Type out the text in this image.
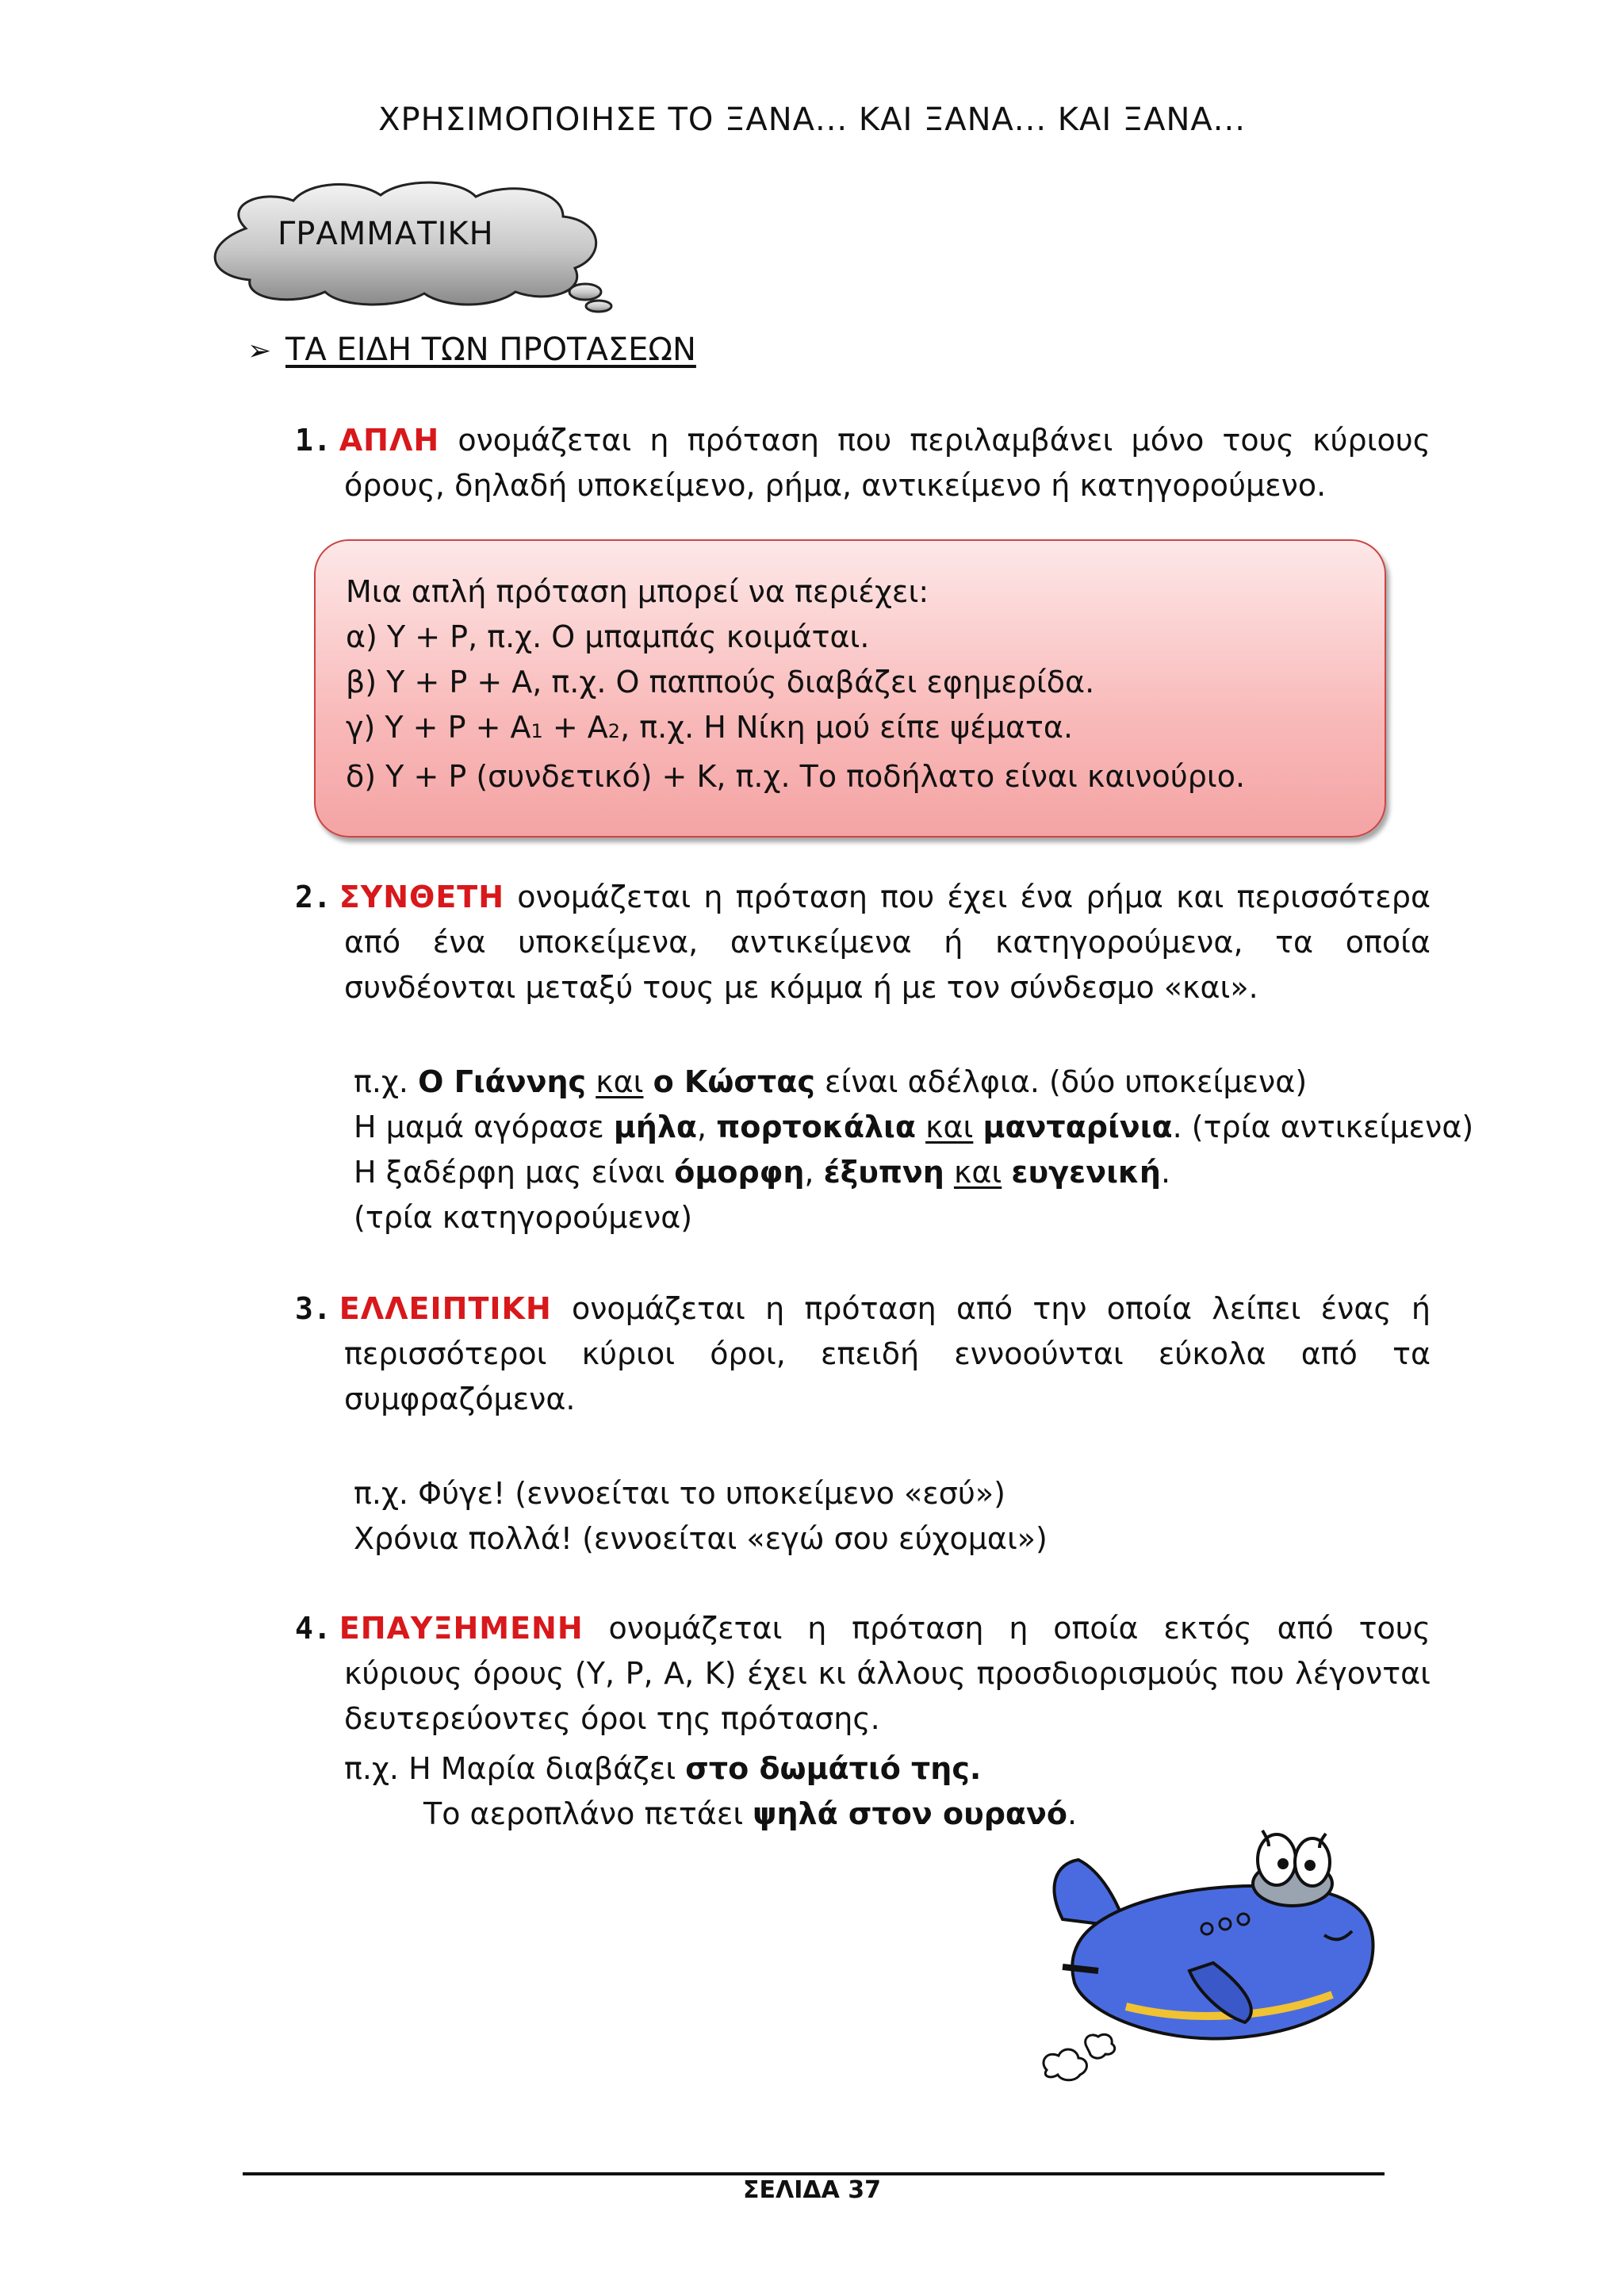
ΧΡΗΣΙΜΟΠΟΙΗΣΕ ΤΟ ΞΑΝΑ... ΚΑΙ ΞΑΝΑ... ΚΑΙ ΞΑΝΑ...
ΓΡΑΜΜΑΤΙΚΗ
➢ ΤΑ ΕΙΔΗ ΤΩΝ ΠΡΟΤΑΣΕΩΝ
1. ΑΠΛΗ ονομάζεται η πρόταση που περιλαμβάνει μόνο τους κύριους όρους, δηλαδή υποκείμενο, ρήμα, αντικείμενο ή κατηγορούμενο.
Μια απλή πρόταση μπορεί να περιέχει:
α) Υ + Ρ, π.χ. Ο μπαμπάς κοιμάται.
β) Υ + Ρ + Α, π.χ. Ο παππούς διαβάζει εφημερίδα.
γ) Υ + Ρ + Α1 + Α2, π.χ. Η Νίκη μού είπε ψέματα.
δ) Υ + Ρ (συνδετικό) + Κ, π.χ. Το ποδήλατο είναι καινούριο.
2. ΣΥΝΘΕΤΗ ονομάζεται η πρόταση που έχει ένα ρήμα και περισσότερα από ένα υποκείμενα, αντικείμενα ή κατηγορούμενα, τα οποία συνδέονται μεταξύ τους με κόμμα ή με τον σύνδεσμο «και».
π.χ. Ο Γιάννης και ο Κώστας είναι αδέλφια. (δύο υποκείμενα)
Η μαμά αγόρασε μήλα, πορτοκάλια και μανταρίνια. (τρία αντικείμενα)
Η ξαδέρφη μας είναι όμορφη, έξυπνη και ευγενική.
(τρία κατηγορούμενα)
3. ΕΛΛΕΙΠΤΙΚΗ ονομάζεται η πρόταση από την οποία λείπει ένας ή περισσότεροι κύριοι όροι, επειδή εννοούνται εύκολα από τα συμφραζόμενα.
π.χ. Φύγε! (εννοείται το υποκείμενο «εσύ»)
Χρόνια πολλά! (εννοείται «εγώ σου εύχομαι»)
4. ΕΠΑΥΞΗΜΕΝΗ ονομάζεται η πρόταση η οποία εκτός από τους κύριους όρους (Υ, Ρ, Α, Κ) έχει κι άλλους προσδιορισμούς που λέγονται δευτερεύοντες όροι της πρότασης.
π.χ. Η Μαρία διαβάζει στο δωμάτιό της.
Το αεροπλάνο πετάει ψηλά στον ουρανό.
ΣΕΛΙΔΑ 37
